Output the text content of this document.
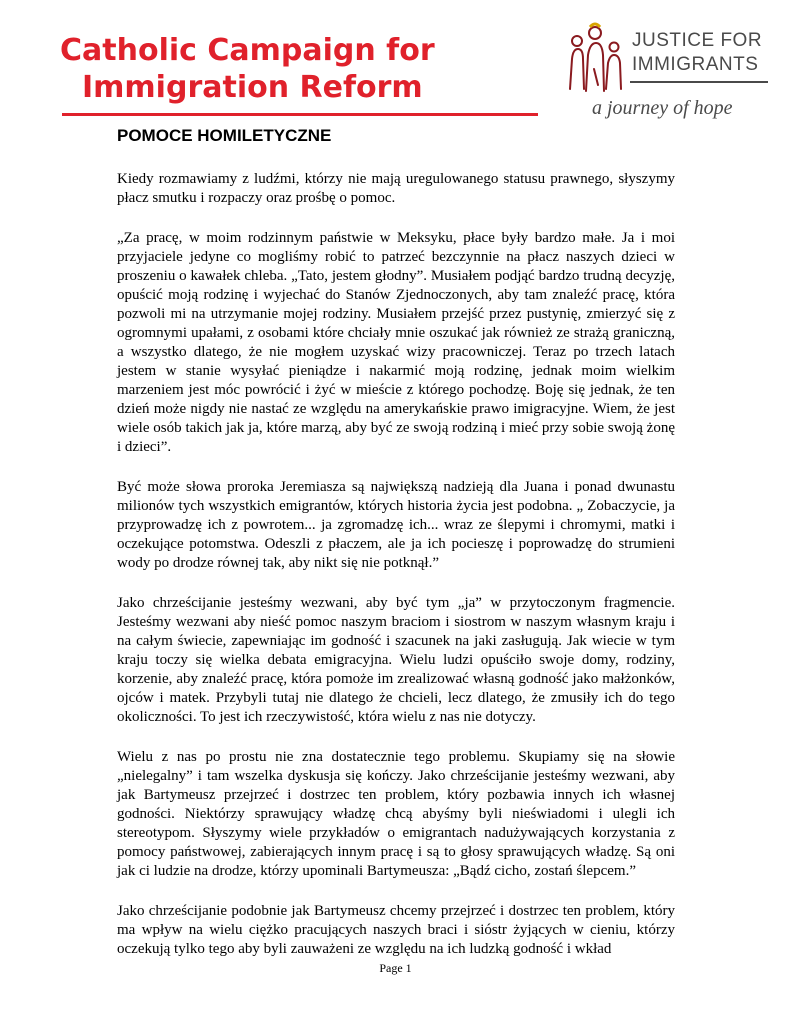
Catholic Campaign for
Immigration Reform
JUSTICE FOR
IMMIGRANTS
a journey of hope
POMOCE HOMILETYCZNE

Kiedy rozmawiamy z ludźmi, którzy nie mają uregulowanego statusu prawnego, słyszymy płacz smutku i rozpaczy oraz prośbę o pomoc.

„Za pracę, w moim rodzinnym państwie w Meksyku, płace były bardzo małe. Ja i moi przyjaciele jedyne co mogliśmy robić to patrzeć bezczynnie na płacz naszych dzieci w proszeniu o kawałek chleba. „Tato, jestem głodny”. Musiałem podjąć bardzo trudną decyzję, opuścić moją rodzinę i wyjechać do Stanów Zjednoczonych, aby tam znaleźć pracę, która pozwoli mi na utrzymanie mojej rodziny. Musiałem przejść przez pustynię, zmierzyć się z ogromnymi upałami, z osobami które chciały mnie oszukać jak również ze strażą graniczną, a wszystko dlatego, że nie mogłem uzyskać wizy pracowniczej. Teraz po trzech latach jestem w stanie wysyłać pieniądze i nakarmić moją rodzinę, jednak moim wielkim marzeniem jest móc powrócić i żyć w mieście z którego pochodzę. Boję się jednak, że ten dzień może nigdy nie nastać ze względu na amerykańskie prawo imigracyjne. Wiem, że jest wiele osób takich jak ja, które marzą, aby być ze swoją rodziną i mieć przy sobie swoją żonę i dzieci”.

Być może słowa proroka Jeremiasza są największą nadzieją dla Juana i ponad dwunastu milionów tych wszystkich emigrantów, których historia życia jest podobna. „ Zobaczycie, ja przyprowadzę ich z powrotem... ja zgromadzę ich... wraz ze ślepymi i chromymi, matki i oczekujące potomstwa. Odeszli z płaczem, ale ja ich pocieszę i poprowadzę do strumieni wody po drodze równej tak, aby nikt się nie potknął.”

Jako chrześcijanie jesteśmy wezwani, aby być tym „ja” w przytoczonym fragmencie. Jesteśmy wezwani aby nieść pomoc naszym braciom i siostrom w naszym własnym kraju i na całym świecie, zapewniając im godność i szacunek na jaki zasługują. Jak wiecie w tym kraju toczy się wielka debata emigracyjna. Wielu ludzi opuściło swoje domy, rodziny, korzenie, aby znaleźć pracę, która pomoże im zrealizować własną godność jako małżonków, ojców i matek. Przybyli tutaj nie dlatego że chcieli, lecz dlatego, że zmusiły ich do tego okoliczności. To jest ich rzeczywistość, która wielu z nas nie dotyczy.

Wielu z nas po prostu nie zna dostatecznie tego problemu. Skupiamy się na słowie „nielegalny” i tam wszelka dyskusja się kończy. Jako chrześcijanie jesteśmy wezwani, aby jak Bartymeusz przejrzeć i dostrzec ten problem, który pozbawia innych ich własnej godności. Niektórzy sprawujący władzę chcą abyśmy byli nieświadomi i ulegli ich stereotypom. Słyszymy wiele przykładów o emigrantach nadużywających korzystania z pomocy państwowej, zabierających innym pracę i są to głosy sprawujących władzę. Są oni jak ci ludzie na drodze, którzy upominali Bartymeusza: „Bądź cicho, zostań ślepcem.”

Jako chrześcijanie podobnie jak Bartymeusz chcemy przejrzeć i dostrzec ten problem, który ma wpływ na wielu ciężko pracujących naszych braci i sióstr żyjących w cieniu, którzy oczekują tylko tego aby byli zauważeni ze względu na ich ludzką godność i wkład

Page 1
